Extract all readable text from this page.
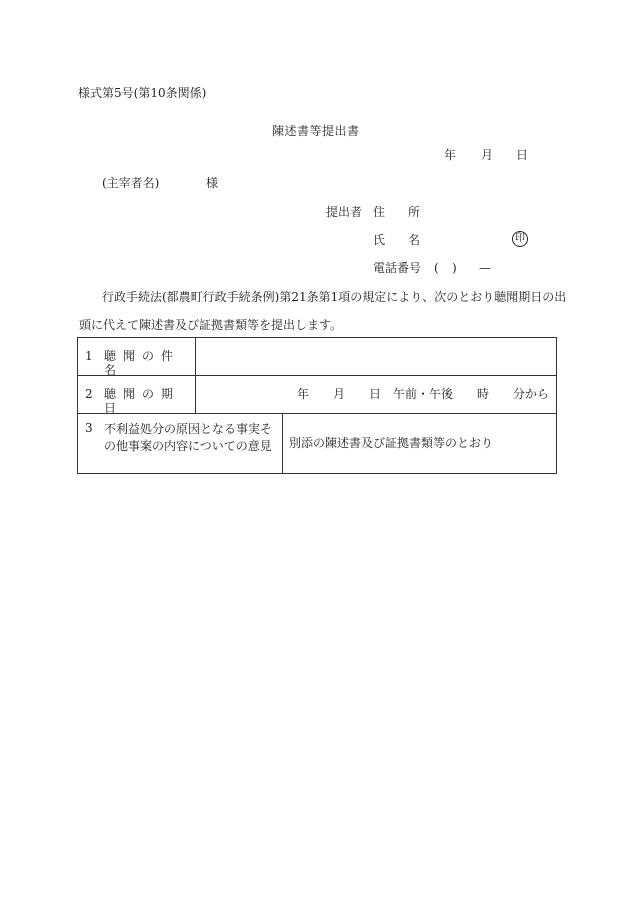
様式第5号(第10条関係)
陳述書等提出書
年 月 日
(主宰者名)	様
提出者 住 所
氏 名	印
電話番号 ( ) —
行政手続法(都農町行政手続条例)第21条第1項の規定により、次のとおり聴聞期日の出
頭に代えて陳述書及び証拠書類等を提出します。
1 聴聞の件名
2 聴聞の期日
年　　月　　日　午前・午後　　時　　分から
3 不利益処分の原因となる事実そ
の他事案の内容についての意見 別添の陳述書及び証拠書類等のとおり
